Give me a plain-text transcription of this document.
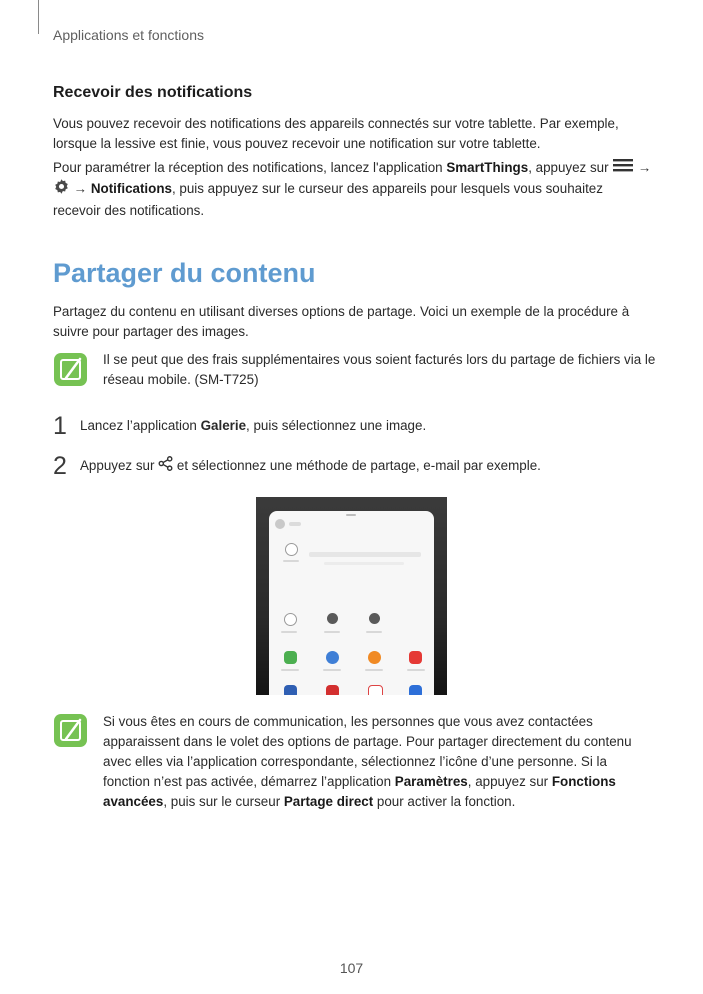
Applications et fonctions
Recevoir des notifications
Vous pouvez recevoir des notifications des appareils connectés sur votre tablette. Par exemple, lorsque la lessive est finie, vous pouvez recevoir une notification sur votre tablette.
Pour paramétrer la réception des notifications, lancez l'application SmartThings, appuyez sur  →
→ Notifications, puis appuyez sur le curseur des appareils pour lesquels vous souhaitez recevoir des notifications.
Partager du contenu
Partagez du contenu en utilisant diverses options de partage. Voici un exemple de la procédure à suivre pour partager des images.
Il se peut que des frais supplémentaires vous soient facturés lors du partage de fichiers via le réseau mobile. (SM-T725)
1 Lancez l’application Galerie, puis sélectionnez une image.
2 Appuyez sur  et sélectionnez une méthode de partage, e-mail par exemple.
Si vous êtes en cours de communication, les personnes que vous avez contactées apparaissent dans le volet des options de partage. Pour partager directement du contenu avec elles via l’application correspondante, sélectionnez l’icône d’une personne. Si la fonction n’est pas activée, démarrez l’application Paramètres, appuyez sur Fonctions avancées, puis sur le curseur Partage direct pour activer la fonction.
107
